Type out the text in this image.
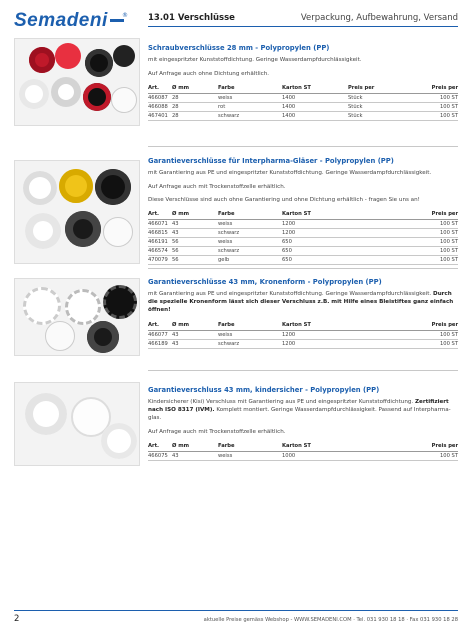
Semadeni	® 13.01 Verschlüsse	Verpackung, Aufbewahrung, Versand
Schraubverschlüsse 28 mm - Polypropylen (PP)
mit eingespritzter Kunststoffdichtung. Geringe Wasserdampfdurchlässigkeit.
Auf Anfrage auch ohne Dichtung erhältlich.
Art.	Ø mm	Farbe	Karton ST	Preis per	Preis per
466087	28	weiss	1400	Stück	100 ST
466088	28	rot	1400	Stück	100 ST
467401	28	schwarz	1400	Stück	100 ST
Garantieverschlüsse für Interpharma-Gläser - Polypropylen (PP)
mit Garantiering aus PE und eingespritzter Kunststoffdichtung. Geringe Wasserdampfdurchlässigkeit.
Auf Anfrage auch mit Trockenstoffzelle erhältlich.
Diese Verschlüsse sind auch ohne Garantiering und ohne Dichtung erhältlich - fragen Sie uns an!
Art.	Ø mm	Farbe	Karton ST		Preis per
466071	43	weiss	1200		100 ST
466815	43	schwarz	1200		100 ST
466191	56	weiss	650		100 ST
466574	56	schwarz	650		100 ST
470079	56	gelb	650		100 ST
Garantieverschlüsse 43 mm, Kronenform - Polypropylen (PP)
mit Garantiering aus PE und eingespritzter Kunststoffdichtung. Geringe Wasserdampfdurchlässigkeit. Durch die spezielle Kronenform lässt sich dieser Verschluss z.B. mit Hilfe eines Bleistiftes ganz einfach öffnen!
Art.	Ø mm	Farbe	Karton ST		Preis per
466077	43	weiss	1200		100 ST
466189	43	schwarz	1200		100 ST
Garantieverschluss 43 mm, kindersicher - Polypropylen (PP)
Kindersicherer (Kisi) Verschluss mit Garantiering aus PE und eingespritzter Kunststoffdichtung. Zertifiziert nach ISO 8317 (IVM). Komplett montiert. Geringe Wasserdampfdurchlässigkeit. Passend auf Interpharma-glas.
Auf Anfrage auch mit Trockenstoffzelle erhältlich.
Art.	Ø mm	Farbe	Karton ST		Preis per
466075	43	weiss	1000		100 ST
2	aktuelle Preise gemäss Webshop - WWW.SEMADENI.COM · Tel. 031 930 18 18 · Fax 031 930 18 28
